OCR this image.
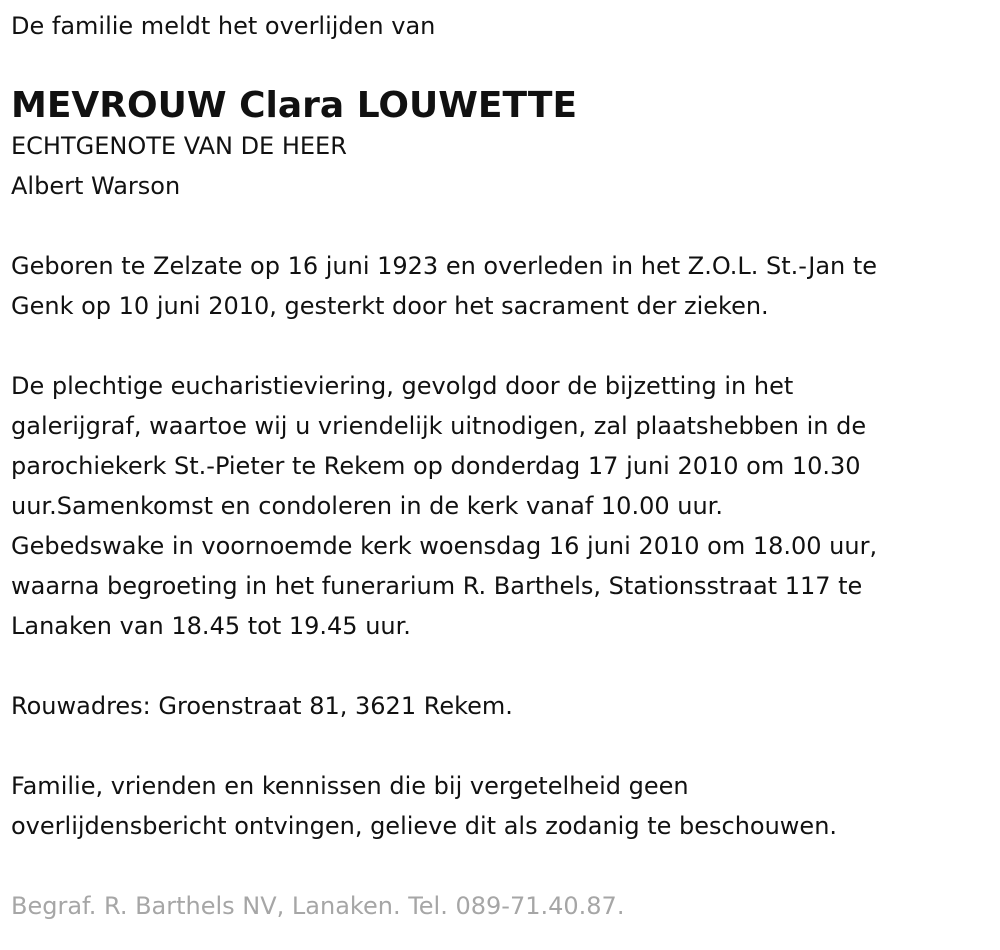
De familie meldt het overlijden van

MEVROUW Clara LOUWETTE

ECHTGENOTE VAN DE HEER

Albert Warson

Geboren te Zelzate op 16 juni 1923 en overleden in het Z.O.L. St.-Jan te

Genk op 10 juni 2010, gesterkt door het sacrament der zieken.

De plechtige eucharistieviering, gevolgd door de bijzetting in het

galerijgraf, waartoe wij u vriendelijk uitnodigen, zal plaatshebben in de

parochiekerk St.-Pieter te Rekem op donderdag 17 juni 2010 om 10.30

uur.Samenkomst en condoleren in de kerk vanaf 10.00 uur.

Gebedswake in voornoemde kerk woensdag 16 juni 2010 om 18.00 uur,

waarna begroeting in het funerarium R. Barthels, Stationsstraat 117 te

Lanaken van 18.45 tot 19.45 uur.

Rouwadres: Groenstraat 81, 3621 Rekem.

Familie, vrienden en kennissen die bij vergetelheid geen

overlijdensbericht ontvingen, gelieve dit als zodanig te beschouwen.

Begraf. R. Barthels NV, Lanaken. Tel. 089-71.40.87.
